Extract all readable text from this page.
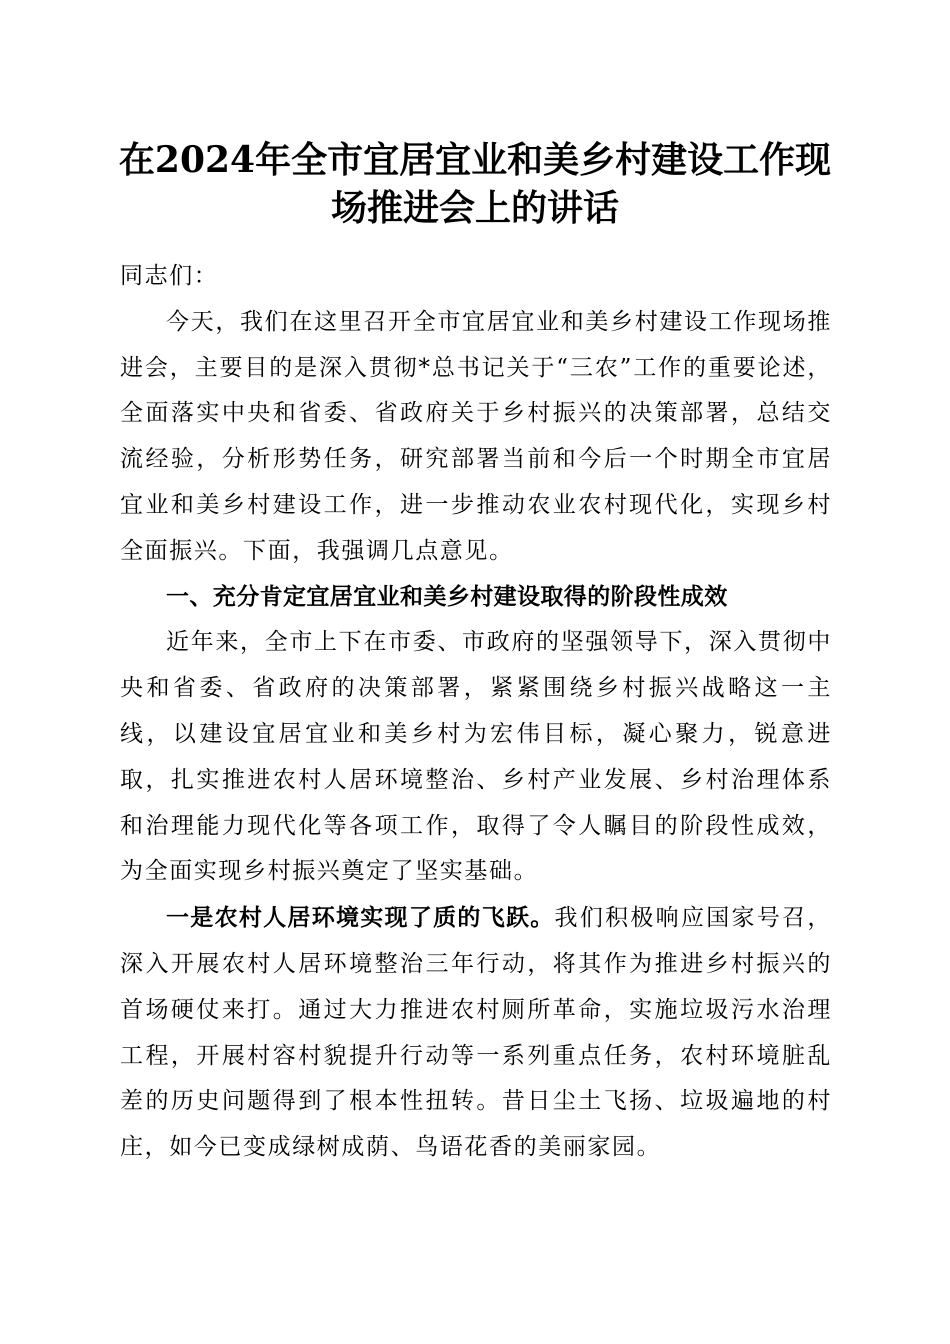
在2024年全市宜居宜业和美乡村建设工作现
场推进会上的讲话

同志们：

今天，我们在这里召开全市宜居宜业和美乡村建设工作现场推进会，主要目的是深入贯彻*总书记关于“三农”工作的重要论述，全面落实中央和省委、省政府关于乡村振兴的决策部署，总结交流经验，分析形势任务，研究部署当前和今后一个时期全市宜居宜业和美乡村建设工作，进一步推动农业农村现代化，实现乡村全面振兴。下面，我强调几点意见。

一、充分肯定宜居宜业和美乡村建设取得的阶段性成效

近年来，全市上下在市委、市政府的坚强领导下，深入贯彻中央和省委、省政府的决策部署，紧紧围绕乡村振兴战略这一主线，以建设宜居宜业和美乡村为宏伟目标，凝心聚力，锐意进取，扎实推进农村人居环境整治、乡村产业发展、乡村治理体系和治理能力现代化等各项工作，取得了令人瞩目的阶段性成效，为全面实现乡村振兴奠定了坚实基础。

一是农村人居环境实现了质的飞跃。我们积极响应国家号召，深入开展农村人居环境整治三年行动，将其作为推进乡村振兴的首场硬仗来打。通过大力推进农村厕所革命，实施垃圾污水治理工程，开展村容村貌提升行动等一系列重点任务，农村环境脏乱差的历史问题得到了根本性扭转。昔日尘土飞扬、垃圾遍地的村庄，如今已变成绿树成荫、鸟语花香的美丽家园。
